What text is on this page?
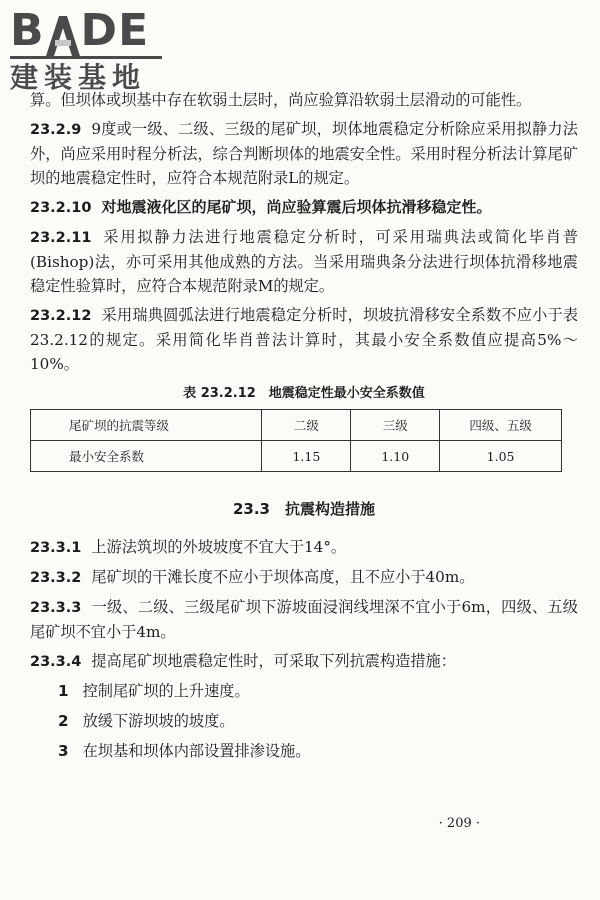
B DE
建装基地

算。但坝体或坝基中存在软弱土层时，尚应验算沿软弱土层滑动的可能性。

23.2.9 9度或一级、二级、三级的尾矿坝，坝体地震稳定分析除应采用拟静力法外，尚应采用时程分析法，综合判断坝体的地震安全性。采用时程分析法计算尾矿坝的地震稳定性时，应符合本规范附录L的规定。

23.2.10 对地震液化区的尾矿坝，尚应验算震后坝体抗滑移稳定性。

23.2.11 采用拟静力法进行地震稳定分析时，可采用瑞典法或简化毕肖普(Bishop)法，亦可采用其他成熟的方法。当采用瑞典条分法进行坝体抗滑移地震稳定性验算时，应符合本规范附录M的规定。

23.2.12 采用瑞典圆弧法进行地震稳定分析时，坝坡抗滑移安全系数不应小于表23.2.12的规定。采用简化毕肖普法计算时，其最小安全系数值应提高5%～10%。

表 23.2.12　地震稳定性最小安全系数值
尾矿坝的抗震等级	二级	三级	四级、五级
最小安全系数	1.15	1.10	1.05
23.3　抗震构造措施

23.3.1 上游法筑坝的外坡坡度不宜大于14°。

23.3.2 尾矿坝的干滩长度不应小于坝体高度，且不应小于40m。

23.3.3 一级、二级、三级尾矿坝下游坡面浸润线埋深不宜小于6m，四级、五级尾矿坝不宜小于4m。

23.3.4 提高尾矿坝地震稳定性时，可采取下列抗震构造措施：

1 控制尾矿坝的上升速度。
2 放缓下游坝坡的坡度。
3 在坝基和坝体内部设置排渗设施。
· 209 ·
